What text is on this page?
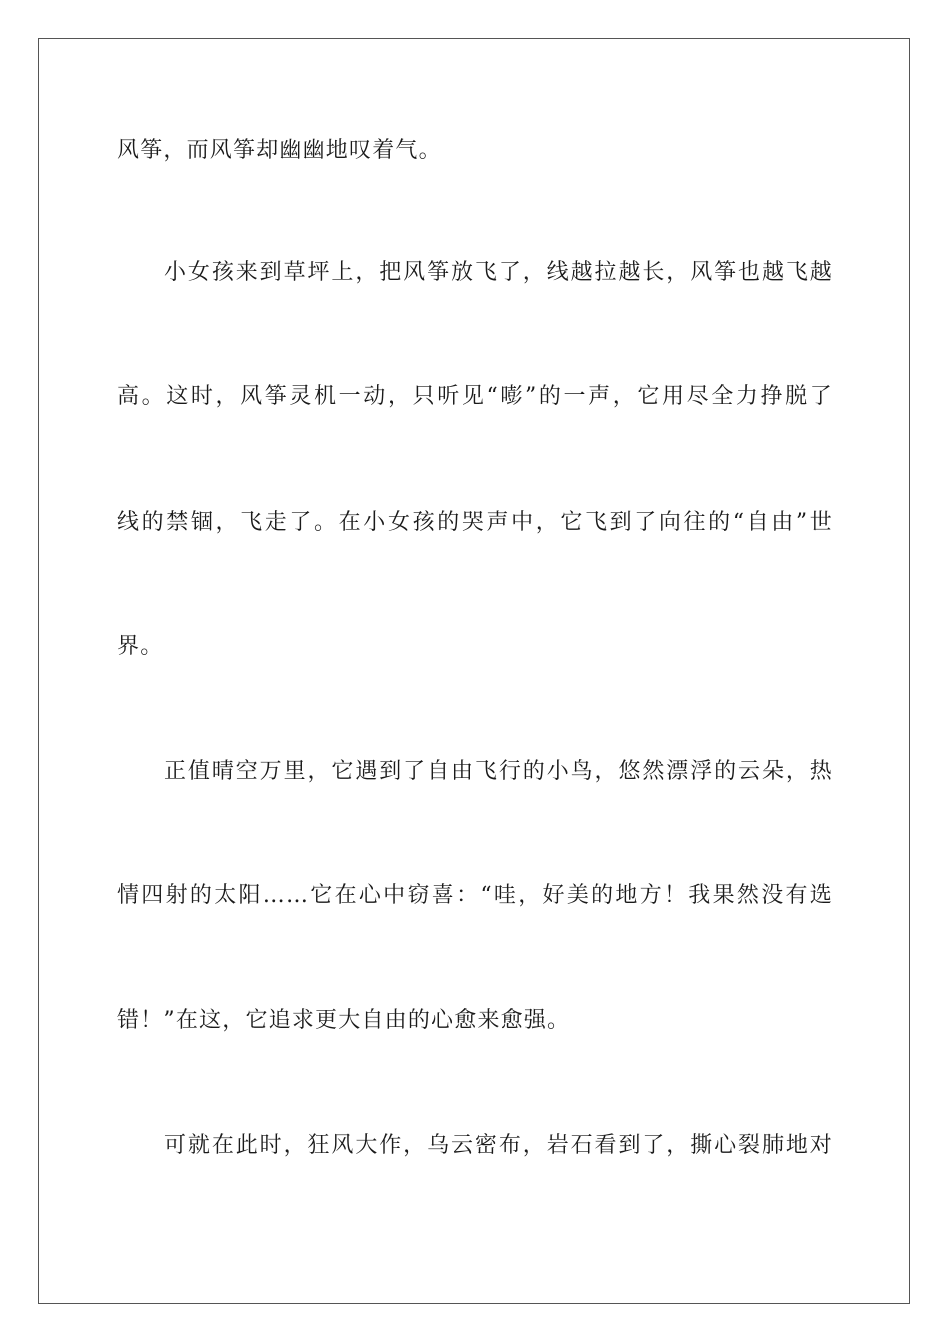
风筝，而风筝却幽幽地叹着气。
小女孩来到草坪上，把风筝放飞了，线越拉越长，风筝也越飞越
高。这时，风筝灵机一动，只听见“嘭”的一声，它用尽全力挣脱了
线的禁锢，飞走了。在小女孩的哭声中，它飞到了向往的“自由”世
界。
正值晴空万里，它遇到了自由飞行的小鸟，悠然漂浮的云朵，热
情四射的太阳……它在心中窃喜：“哇，好美的地方！我果然没有选
错！”在这，它追求更大自由的心愈来愈强。
可就在此时，狂风大作，乌云密布，岩石看到了，撕心裂肺地对
